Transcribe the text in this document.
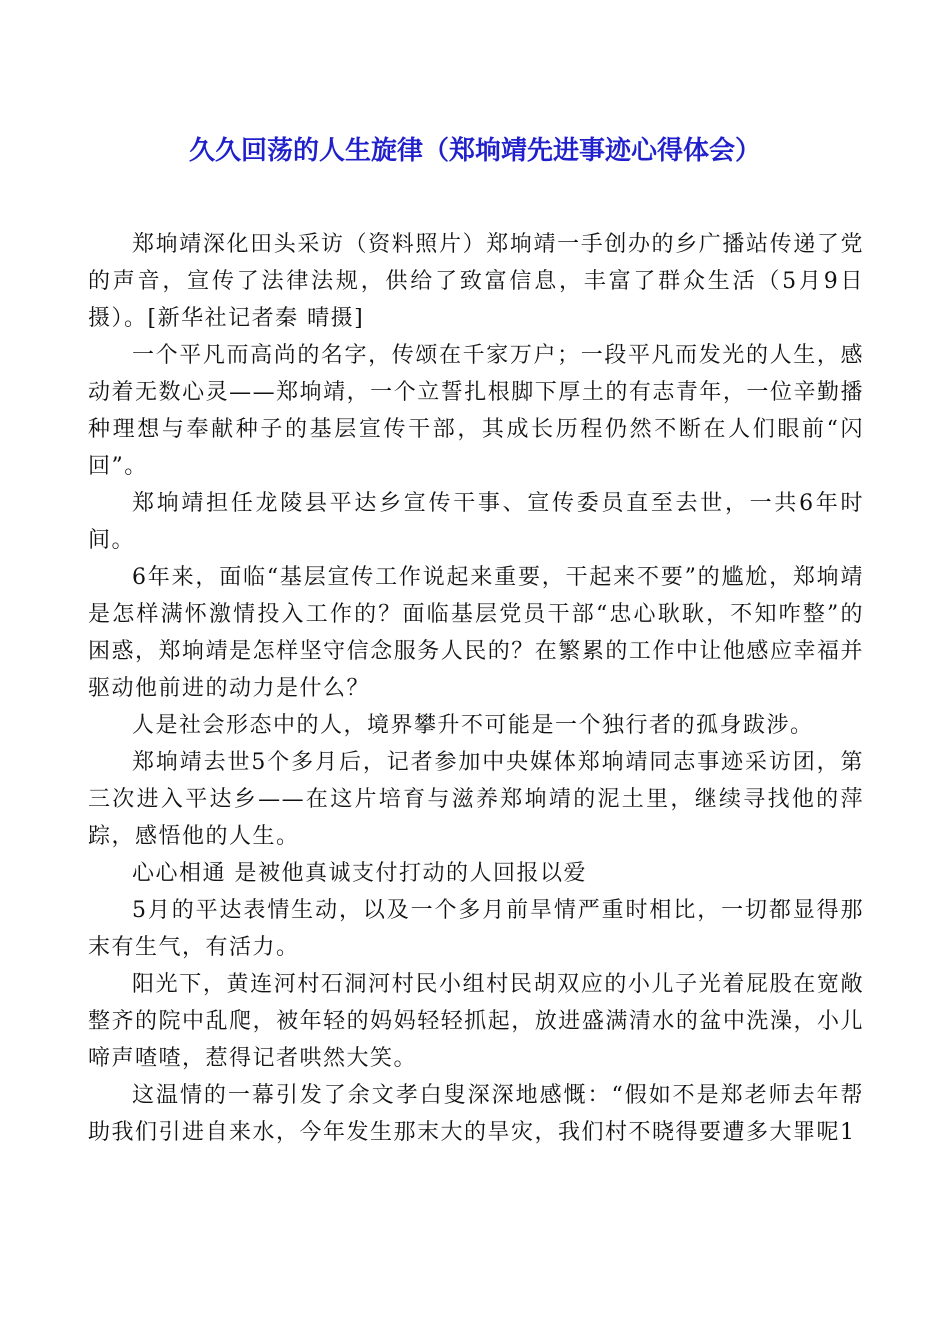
久久回荡的人生旋律（郑垧靖先进事迹心得体会）

郑垧靖深化田头采访（资料照片）郑垧靖一手创办的乡广播站传递了党的声音，宣传了法律法规，供给了致富信息，丰富了群众生活（5月9日摄）。[新华社记者秦 晴摄]

一个平凡而高尚的名字，传颂在千家万户；一段平凡而发光的人生，感动着无数心灵——郑垧靖，一个立誓扎根脚下厚土的有志青年，一位辛勤播种理想与奉献种子的基层宣传干部，其成长历程仍然不断在人们眼前“闪回”。

郑垧靖担任龙陵县平达乡宣传干事、宣传委员直至去世，一共6年时间。

6年来，面临“基层宣传工作说起来重要，干起来不要”的尴尬，郑垧靖是怎样满怀激情投入工作的？面临基层党员干部“忠心耿耿，不知咋整”的困惑，郑垧靖是怎样坚守信念服务人民的？在繁累的工作中让他感应幸福并驱动他前进的动力是什么？

人是社会形态中的人，境界攀升不可能是一个独行者的孤身跋涉。

郑垧靖去世5个多月后，记者参加中央媒体郑垧靖同志事迹采访团，第三次进入平达乡——在这片培育与滋养郑垧靖的泥土里，继续寻找他的萍踪，感悟他的人生。

心心相通 是被他真诚支付打动的人回报以爱

5月的平达表情生动，以及一个多月前旱情严重时相比，一切都显得那末有生气，有活力。

阳光下，黄连河村石洞河村民小组村民胡双应的小儿子光着屁股在宽敞整齐的院中乱爬，被年轻的妈妈轻轻抓起，放进盛满清水的盆中洗澡，小儿啼声喳喳，惹得记者哄然大笑。

这温情的一幕引发了余文孝白叟深深地感慨：“假如不是郑老师去年帮助我们引进自来水，今年发生那末大的旱灾，我们村不晓得要遭多大罪呢1
